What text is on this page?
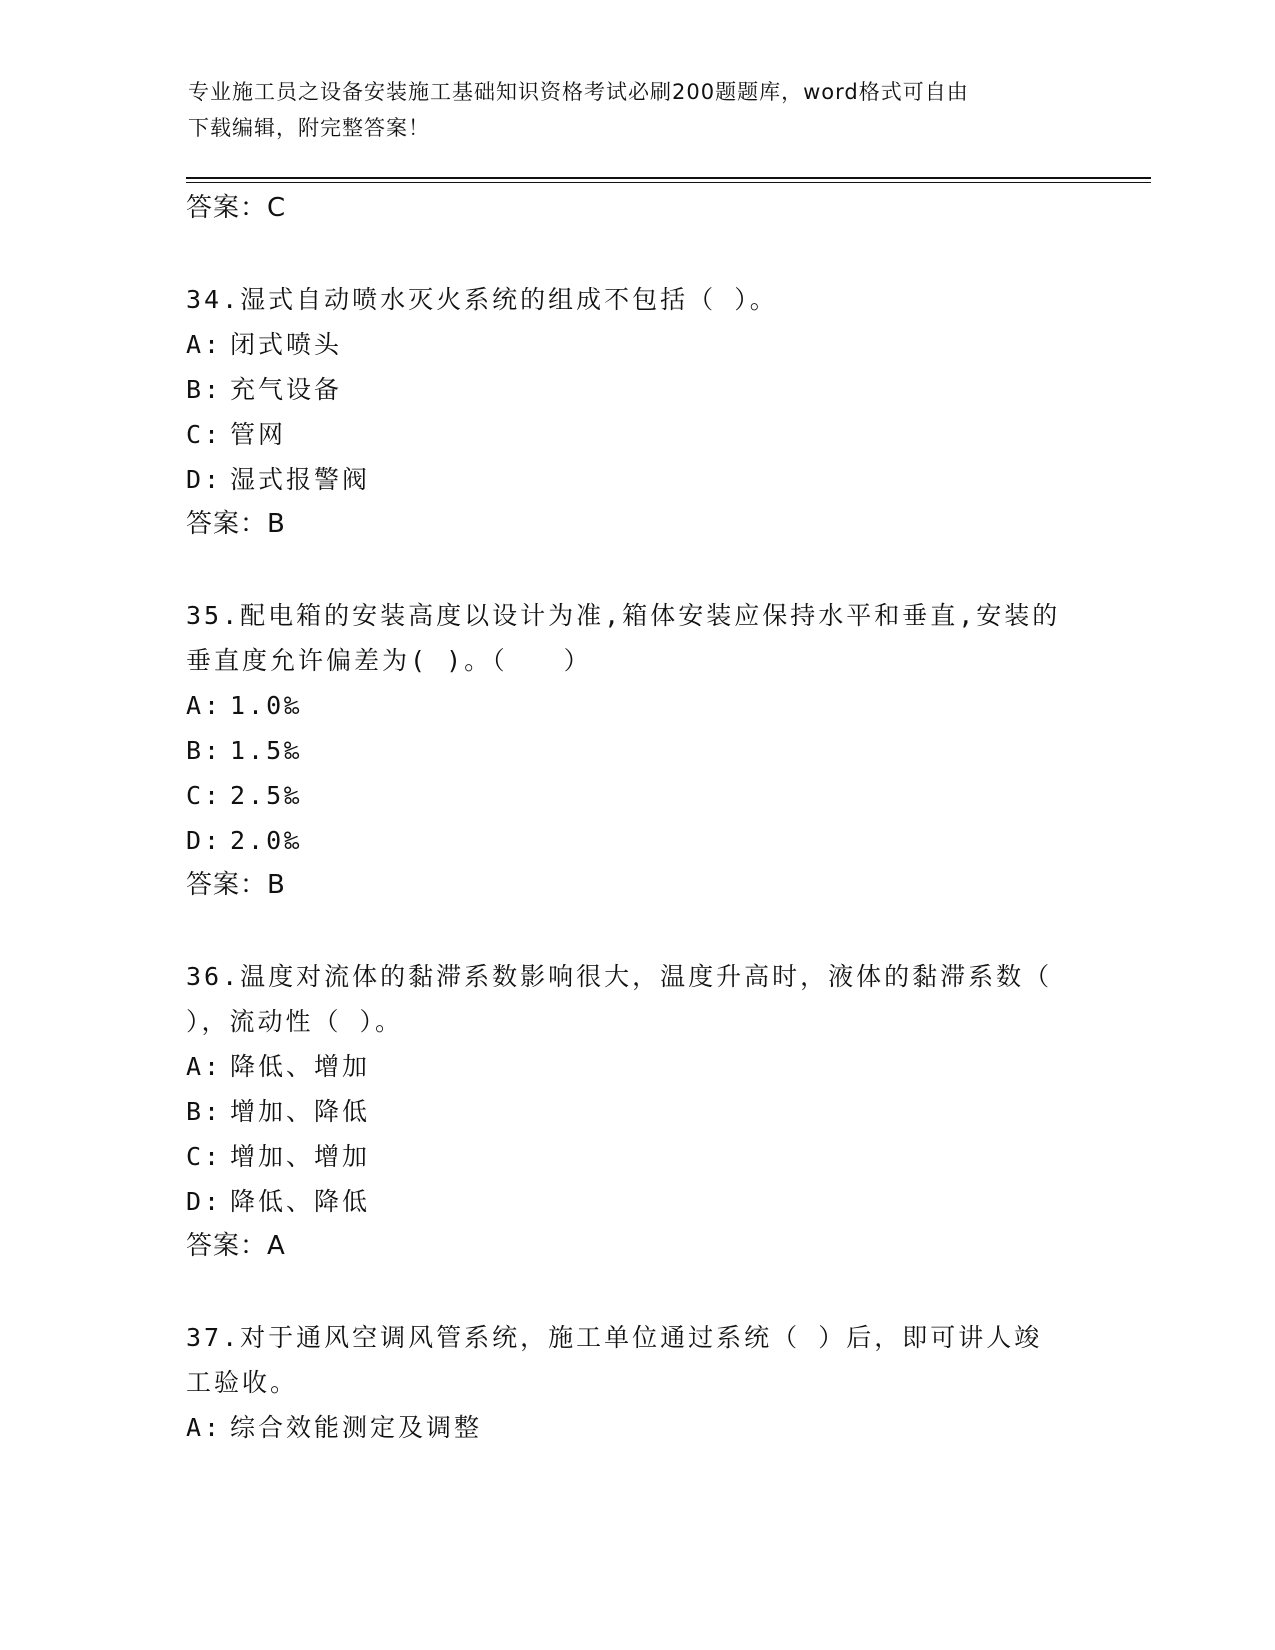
专业施工员之设备安装施工基础知识资格考试必刷200题题库，word格式可自由
下载编辑，附完整答案！
答案：C
34.湿式自动喷水灭火系统的组成不包括（ ）。
A: 闭式喷头
B: 充气设备
C: 管网
D: 湿式报警阀
答案：B
35.配电箱的安装高度以设计为准,箱体安装应保持水平和垂直,安装的
垂直度允许偏差为( )。（　　）
A: 1.0‰
B: 1.5‰
C: 2.5‰
D: 2.0‰
答案：B
36.温度对流体的黏滞系数影响很大，温度升高时，液体的黏滞系数（
），流动性（ ）。
A: 降低、增加
B: 增加、降低
C: 增加、增加
D: 降低、降低
答案：A
37.对于通风空调风管系统，施工单位通过系统（ ）后，即可讲人竣
工验收。
A: 综合效能测定及调整
